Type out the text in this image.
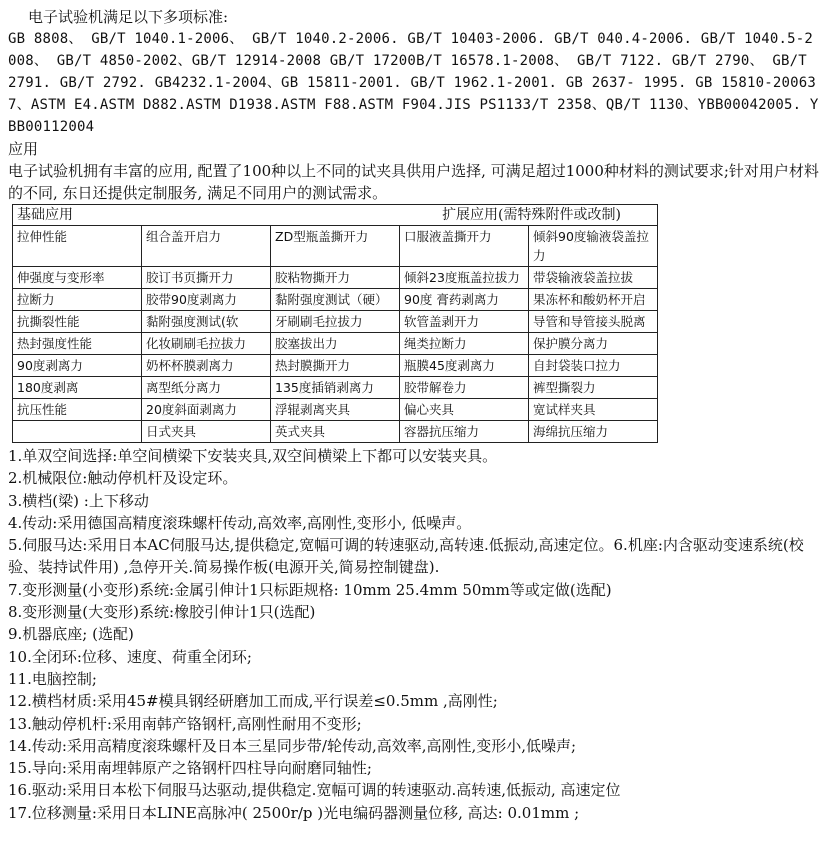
电子试验机满足以下多项标准:

GB 8808、 GB/T 1040.1-2006、 GB/T 1040.2-2006. GB/T 10403-2006. GB/T 040.4-2006. GB/T 1040.5-2008、 GB/T 4850-2002、GB/T 12914-2008 GB/T 17200B/T 16578.1-2008、 GB/T 7122. GB/T 2790、 GB/T 2791. GB/T 2792. GB4232.1-2004、GB 15811-2001. GB/T 1962.1-2001. GB 2637- 1995. GB 15810-200637、ASTM E4.ASTM D882.ASTM D1938.ASTM F88.ASTM F904.JIS PS1133/T 2358、QB/T 1130、YBB00042005. YBB00112004

应用

电子试验机拥有丰富的应用, 配置了100种以上不同的试夹具供用户选择, 可满足超过1000种材料的测试要求;针对用户材料的不同, 东日还提供定制服务, 满足不同用户的测试需求。

基础应用 扩展应用(需特殊附件或改制)				

拉伸性能	组合盖开启力	ZD型瓶盖撕开力	口服液盖撕开力	倾斜90度输液袋盖拉力
伸强度与变形率	胶订书页撕开力	胶粘物撕开力	倾斜23度瓶盖拉拔力	带袋输液袋盖拉拔
拉断力	胶带90度剥离力	黏附强度测试（硬）	90度 膏药剥离力	果冻杯和酸奶杯开启
抗撕裂性能	黏附强度测试(软	牙刷刷毛拉拔力	软管盖剥开力	导管和导管接头脱离
热封强度性能	化妆刷刷毛拉拔力	胶塞拔出力	绳类拉断力	保护膜分离力
90度剥离力	奶杯杯膜剥离力	热封膜撕开力	瓶膜45度剥离力	自封袋装口拉力
180度剥离	离型纸分离力	135度插销剥离力	胶带解卷力	裤型撕裂力
抗压性能	20度斜面剥离力	浮辊剥离夹具	偏心夹具	宽试样夹具
	日式夹具	英式夹具	容器抗压缩力	海绵抗压缩力

1.单双空间选择:单空间横梁下安装夹具,双空间横梁上下都可以安装夹具。

2.机械限位:触动停机杆及设定环。

3.横档(梁) :上下移动

4.传动:采用德国高精度滚珠螺杆传动,高效率,高刚性,变形小, 低噪声。

5.伺服马达:采用日本AC伺服马达,提供稳定,宽幅可调的转速驱动,高转速.低振动,高速定位。6.机座:内含驱动变速系统(校验、装持试件用) ,急停开关.简易操作板(电源开关,简易控制键盘).

7.变形测量(小变形)系统:金属引伸计1只标距规格: 10mm 25.4mm 50mm等或定做(选配)

8.变形测量(大变形)系统:橡胶引伸计1只(选配)

9.机器底座; (选配)

10.全闭环:位移、速度、荷重全闭环;

11.电脑控制;

12.横档材质:采用45#模具钢经研磨加工而成,平行误差≤0.5mm ,高刚性;

13.触动停机杆:采用南韩产铬钢杆,高刚性耐用不变形;

14.传动:采用高精度滚珠螺杆及日本三星同步带/轮传动,高效率,高刚性,变形小,低噪声;

15.导向:采用南埋韩原产之铬钢杆四柱导向耐磨同轴性;

16.驱动:采用日本松下伺服马达驱动,提供稳定.宽幅可调的转速驱动.高转速,低振动, 高速定位

17.位移测量:采用日本LINE高脉冲( 2500r/p )光电编码器测量位移, 高达: 0.01mm ;
